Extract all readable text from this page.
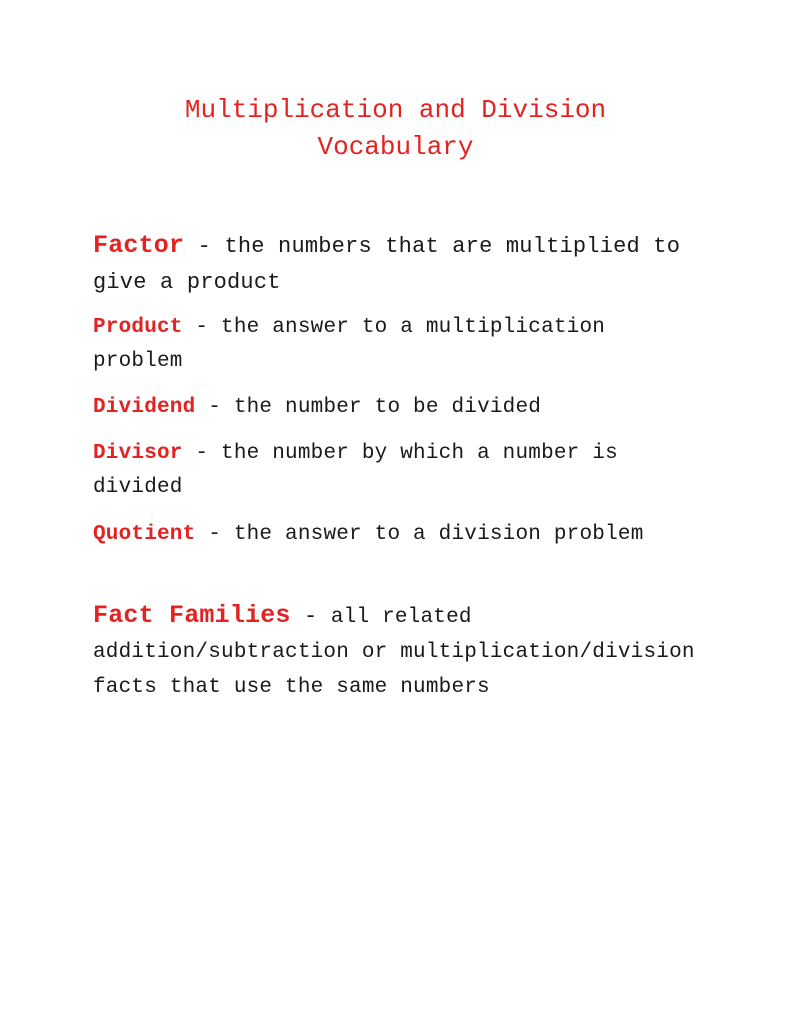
Multiplication and Division
Vocabulary

Factor - the numbers that are multiplied to give a product

Product - the answer to a multiplication problem

Dividend - the number to be divided

Divisor - the number by which a number is divided

Quotient - the answer to a division problem

Fact Families - all related addition/subtraction or multiplication/division facts that use the same numbers
